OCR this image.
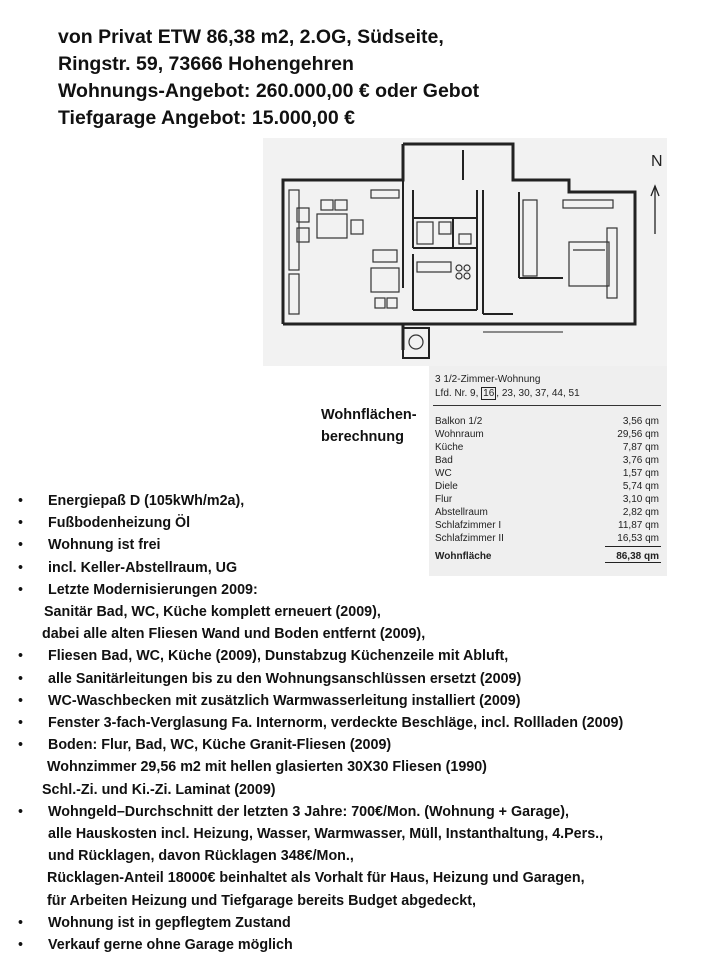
von Privat ETW 86,38 m2, 2.OG, Südseite,
Ringstr. 59, 73666 Hohengehren
Wohnungs-Angebot: 260.000,00 € oder Gebot
Tiefgarage Angebot: 15.000,00 €
N
Wohnflächen-
berechnung
3 1/2-Zimmer-Wohnung
Lfd. Nr. 9, 16 , 23, 30, 37, 44, 51
Balkon 1/2	3,56 qm
Wohnraum	29,56 qm
Küche	7,87 qm
Bad	3,76 qm
WC	1,57 qm
Diele	5,74 qm
Flur	3,10 qm
Abstellraum	2,82 qm
Schlafzimmer I	11,87 qm
Schlafzimmer II	16,53 qm
Wohnfläche	86,38 qm
• Energiepaß D (105kWh/m2a),
• Fußbodenheizung Öl
• Wohnung ist frei
• incl. Keller-Abstellraum, UG
• Letzte Modernisierungen 2009:
Sanitär Bad, WC, Küche komplett erneuert (2009),
dabei alle alten Fliesen Wand und Boden entfernt (2009),
• Fliesen Bad, WC, Küche (2009), Dunstabzug Küchenzeile mit Abluft,
• alle Sanitärleitungen bis zu den Wohnungsanschlüssen ersetzt (2009)
• WC-Waschbecken mit zusätzlich Warmwasserleitung installiert (2009)
• Fenster 3-fach-Verglasung Fa. Internorm, verdeckte Beschläge, incl. Rollladen (2009)
• Boden: Flur, Bad, WC, Küche Granit-Fliesen (2009)
Wohnzimmer 29,56 m2 mit hellen glasierten 30X30 Fliesen (1990)
Schl.-Zi. und Ki.-Zi. Laminat (2009)
• Wohngeld–Durchschnitt der letzten 3 Jahre: 700€/Mon. (Wohnung + Garage),
alle Hauskosten incl. Heizung, Wasser, Warmwasser, Müll, Instanthaltung, 4.Pers.,
und Rücklagen, davon Rücklagen 348€/Mon.,
Rücklagen-Anteil 18000€ beinhaltet als Vorhalt für Haus, Heizung und Garagen,
für Arbeiten Heizung und Tiefgarage bereits Budget abgedeckt,
• Wohnung ist in gepflegtem Zustand
• Verkauf gerne ohne Garage möglich
